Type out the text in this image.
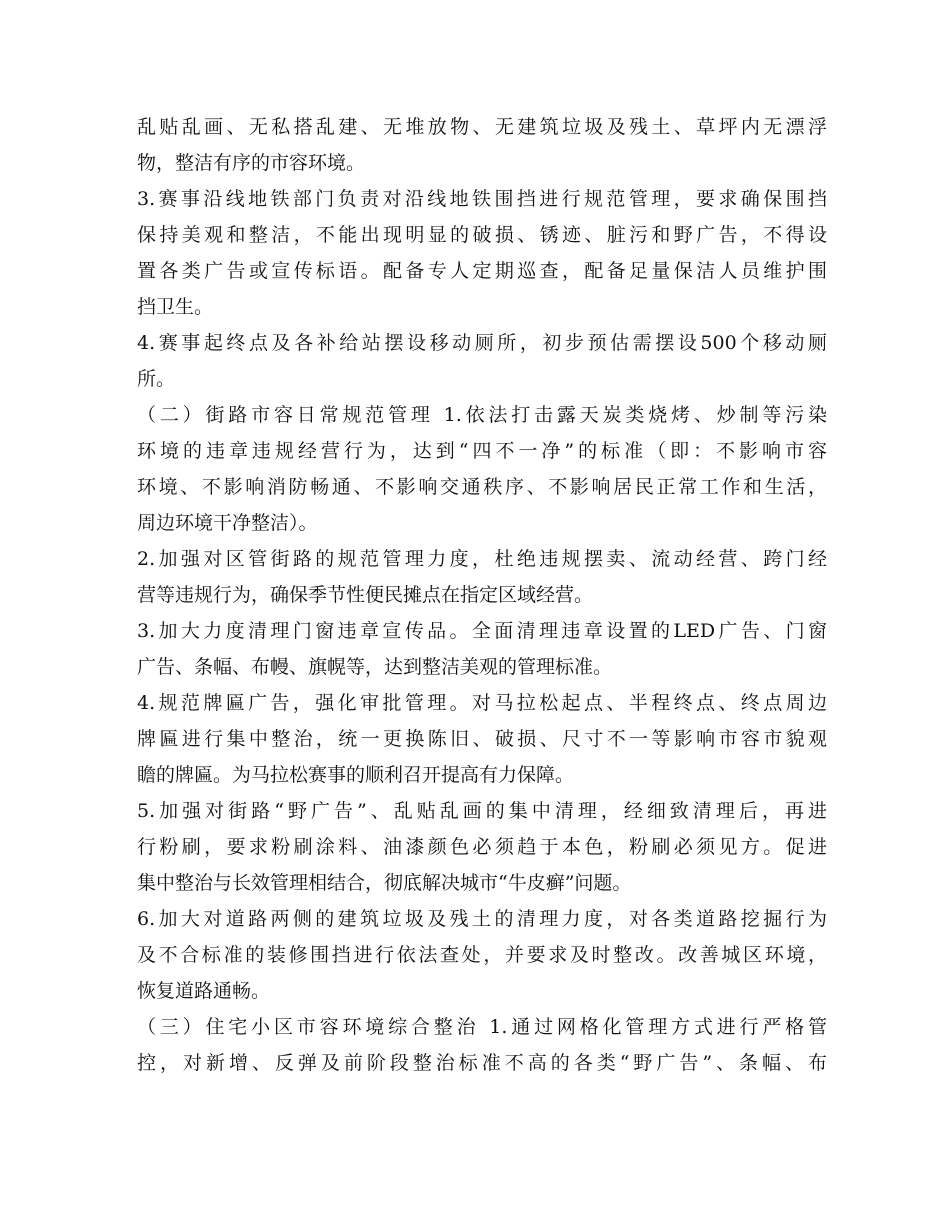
乱贴乱画、无私搭乱建、无堆放物、无建筑垃圾及残土、草坪内无漂浮
物，整洁有序的市容环境。
3.赛事沿线地铁部门负责对沿线地铁围挡进行规范管理，要求确保围挡
保持美观和整洁，不能出现明显的破损、锈迹、脏污和野广告，不得设
置各类广告或宣传标语。配备专人定期巡查，配备足量保洁人员维护围
挡卫生。
4.赛事起终点及各补给站摆设移动厕所，初步预估需摆设500个移动厕
所。
（二）街路市容日常规范管理 1.依法打击露天炭类烧烤、炒制等污染
环境的违章违规经营行为，达到“四不一净”的标准（即：不影响市容
环境、不影响消防畅通、不影响交通秩序、不影响居民正常工作和生活，
周边环境干净整洁）。
2.加强对区管街路的规范管理力度，杜绝违规摆卖、流动经营、跨门经
营等违规行为，确保季节性便民摊点在指定区域经营。
3.加大力度清理门窗违章宣传品。全面清理违章设置的LED广告、门窗
广告、条幅、布幔、旗幌等，达到整洁美观的管理标准。
4.规范牌匾广告，强化审批管理。对马拉松起点、半程终点、终点周边
牌匾进行集中整治，统一更换陈旧、破损、尺寸不一等影响市容市貌观
瞻的牌匾。为马拉松赛事的顺利召开提高有力保障。
5.加强对街路“野广告”、乱贴乱画的集中清理，经细致清理后，再进
行粉刷，要求粉刷涂料、油漆颜色必须趋于本色，粉刷必须见方。促进
集中整治与长效管理相结合，彻底解决城市“牛皮癣”问题。
6.加大对道路两侧的建筑垃圾及残土的清理力度，对各类道路挖掘行为
及不合标准的装修围挡进行依法查处，并要求及时整改。改善城区环境，
恢复道路通畅。
（三）住宅小区市容环境综合整治 1.通过网格化管理方式进行严格管
控，对新增、反弹及前阶段整治标准不高的各类“野广告”、条幅、布
